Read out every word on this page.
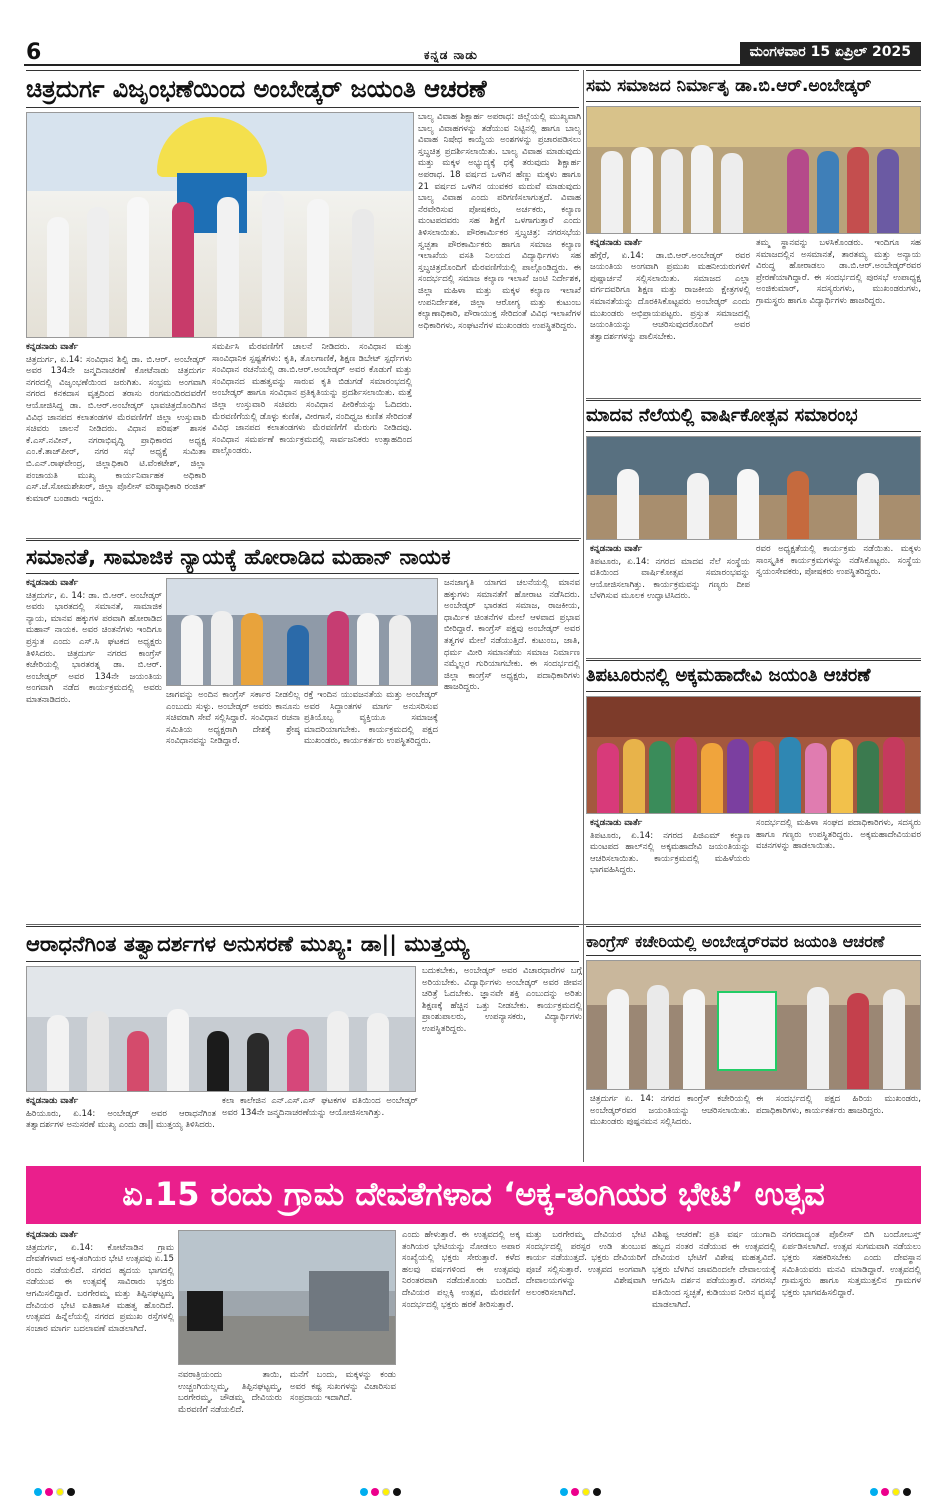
6	ಕನ್ನಡ ನಾಡು	ಮಂಗಳವಾರ 15 ಏಪ್ರಿಲ್ 2025
ಚಿತ್ರದುರ್ಗ ವಿಜೃಂಭಣೆಯಿಂದ ಅಂಬೇಡ್ಕರ್ ಜಯಂತಿ ಆಚರಣೆ	ಸಮ ಸಮಾಜದ ನಿರ್ಮಾತೃ ಡಾ.ಬಿ.ಆರ್.ಅಂಬೇಡ್ಕರ್
ಮಾದವ ನೆಲೆಯಲ್ಲಿ ವಾರ್ಷಿಕೋತ್ಸವ ಸಮಾರಂಭ
ಸಮಾನತೆ, ಸಾಮಾಜಿಕ ನ್ಯಾಯಕ್ಕೆ ಹೋರಾಡಿದ ಮಹಾನ್ ನಾಯಕ
ತಿಪಟೂರುನಲ್ಲಿ ಅಕ್ಕಮಹಾದೇವಿ ಜಯಂತಿ ಆಚರಣೆ
ಆರಾಧನೆಗಿಂತ ತತ್ವಾದರ್ಶಗಳ ಅನುಸರಣೆ ಮುಖ್ಯ: ಡಾ|| ಮುತ್ತಯ್ಯ	ಕಾಂಗ್ರೆಸ್ ಕಚೇರಿಯಲ್ಲಿ ಅಂಬೇಡ್ಕರ್‌ರವರ ಜಯಂತಿ ಆಚರಣೆ
ಏ.15 ರಂದು ಗ್ರಾಮ ದೇವತೆಗಳಾದ ‘ಅಕ್ಕ-ತಂಗಿಯರ ಭೇಟಿ’ ಉತ್ಸವ
ಕನ್ನಡನಾಡು ವಾರ್ತೆ

ಚಿತ್ರದುರ್ಗ, ಏ.14: ಸಂವಿಧಾನ ಶಿಲ್ಪಿ ಡಾ. ಬಿ.ಆರ್. ಅಂಬೇಡ್ಕರ್ ಅವರ 134ನೇ ಜನ್ಮದಿನಾಚರಣೆ ಕೋಟೆನಾಡು ಚಿತ್ರದುರ್ಗ ನಗರದಲ್ಲಿ ವಿಜೃಂಭಣೆಯಿಂದ ಜರುಗಿತು. ಸಂಭ್ರಮ ಅಂಗವಾಗಿ ನಗರದ ಕನಕದಾಸ ವೃತ್ತದಿಂದ ತರಾಸು ರಂಗಮಂದಿರದವರೆಗೆ ಆಯೋಜಿಸಿದ್ದ ಡಾ. ಬಿ.ಆರ್.ಅಂಬೇಡ್ಕರ್ ಭಾವಚಿತ್ರದೊಂದಿಗಿನ ವಿವಿಧ ಜಾನಪದ ಕಲಾತಂಡಗಳ ಮೆರವಣಿಗೆಗೆ ಜಿಲ್ಲಾ ಉಸ್ತುವಾರಿ ಸಚಿವರು ಚಾಲನೆ ನೀಡಿದರು. ವಿಧಾನ ಪರಿಷತ್ ಶಾಸಕ ಕೆ.ಎಸ್.ನವೀನ್, ನಗರಾಭಿವೃದ್ಧಿ ಪ್ರಾಧಿಕಾರದ ಅಧ್ಯಕ್ಷ ಎಂ.ಕೆ.ತಾಜ್‌ಪೀರ್, ನಗರ ಸಭೆ ಅಧ್ಯಕ್ಷೆ ಸುಮಿತಾ ಬಿ.ಎನ್.ರಾಘವೇಂದ್ರ, ಜಿಲ್ಲಾಧಿಕಾರಿ ಟಿ.ವೆಂಕಟೇಶ್, ಜಿಲ್ಲಾ ಪಂಚಾಯತಿ ಮುಖ್ಯ ಕಾರ್ಯನಿರ್ವಾಹಕ ಅಧಿಕಾರಿ ಎಸ್.ಜೆ.ಸೋಮಶೇಖರ್, ಜಿಲ್ಲಾ ಪೊಲೀಸ್ ವರಿಷ್ಠಾಧಿಕಾರಿ ರಂಜಿತ್ ಕುಮಾರ್ ಬಂಡಾರು ಇದ್ದರು.

ಸಮರ್ಪಿಸಿ ಮೆರವಣಿಗೆಗೆ ಚಾಲನೆ ನೀಡಿದರು. ಸಂವಿಧಾನ ಮತ್ತು ಸಾಂವಿಧಾನಿಕ ಸ್ಪಷ್ಟತೆಗಳು: ಕೃತಿ, ತೊಲಗಾಣಿಕೆ, ಶಿಕ್ಷಣ ಡಿಬೇಟ್ ಸ್ಪರ್ಧೆಗಳು ಸಂವಿಧಾನ ರಚನೆಯಲ್ಲಿ ಡಾ.ಬಿ.ಆರ್.ಅಂಬೇಡ್ಕರ್ ಅವರ ಕೊಡುಗೆ ಮತ್ತು ಸಂವಿಧಾನದ ಮಹತ್ವವನ್ನು ಸಾರುವ ಕೃತಿ ಬಿಡುಗಡೆ ಸಮಾರಂಭದಲ್ಲಿ ಅಂಬೇಡ್ಕರ್ ಹಾಗೂ ಸಂವಿಧಾನ ಪ್ರತಿಕೃತಿಯನ್ನು ಪ್ರದರ್ಶಿಸಲಾಯಿತು. ಮತ್ತೆ ಜಿಲ್ಲಾ ಉಸ್ತುವಾರಿ ಸಚಿವರು ಸಂವಿಧಾನ ಪೀಠಿಕೆಯನ್ನು ಓದಿದರು. ಮೆರವಣಿಗೆಯಲ್ಲಿ ಡೊಳ್ಳು ಕುಣಿತ, ವೀರಗಾಸೆ, ನಂದಿಧ್ವಜ ಕುಣಿತ ಸೇರಿದಂತೆ ವಿವಿಧ ಜಾನಪದ ಕಲಾತಂಡಗಳು ಮೆರವಣಿಗೆಗೆ ಮೆರುಗು ನೀಡಿದವು. ಸಂವಿಧಾನ ಸಮರ್ಪಣೆ ಕಾರ್ಯಕ್ರಮದಲ್ಲಿ ಸಾರ್ವಜನಿಕರು ಉತ್ಸಾಹದಿಂದ ಪಾಲ್ಗೊಂಡರು.

ಬಾಲ್ಯ ವಿವಾಹ ಶಿಕ್ಷಾರ್ಹ ಅಪರಾಧ: ಜಿಲ್ಲೆಯಲ್ಲಿ ಮುಖ್ಯವಾಗಿ ಬಾಲ್ಯ ವಿವಾಹಗಳನ್ನು ತಡೆಯುವ ನಿಟ್ಟಿನಲ್ಲಿ ಹಾಗೂ ಬಾಲ್ಯ ವಿವಾಹ ನಿಷೇಧ ಕಾಯ್ದೆಯ ಅಂಶಗಳನ್ನು ಪ್ರಚಾರಪಡಿಸಲು ಸ್ತಬ್ಧಚಿತ್ರ ಪ್ರದರ್ಶಿಸಲಾಯಿತು. ಬಾಲ್ಯ ವಿವಾಹ ಮಾಡುವುದು ಮತ್ತು ಮಕ್ಕಳ ಅಭ್ಯುದ್ಯಕ್ಕೆ ಧಕ್ಕೆ ತರುವುದು ಶಿಕ್ಷಾರ್ಹ ಅಪರಾಧ. 18 ವರ್ಷದ ಒಳಗಿನ ಹೆಣ್ಣು ಮಕ್ಕಳು ಹಾಗೂ 21 ವರ್ಷದ ಒಳಗಿನ ಯುವಕರ ಮದುವೆ ಮಾಡುವುದು ಬಾಲ್ಯ ವಿವಾಹ ಎಂದು ಪರಿಗಣಿಸಲಾಗುತ್ತದೆ. ವಿವಾಹ ನೆರವೇರಿಸುವ ಪೋಷಕರು, ಅರ್ಚಕರು, ಕಲ್ಯಾಣ ಮಂಟಪದವರು ಸಹ ಶಿಕ್ಷೆಗೆ ಒಳಗಾಗುತ್ತಾರೆ ಎಂದು ತಿಳಿಸಲಾಯಿತು. ಪೌರಕಾರ್ಮಿಕರ ಸ್ತಬ್ಧಚಿತ್ರ: ನಗರಸಭೆಯ ಸ್ವಚ್ಛತಾ ಪೌರಕಾರ್ಮಿಕರು ಹಾಗೂ ಸಮಾಜ ಕಲ್ಯಾಣ ಇಲಾಖೆಯ ವಸತಿ ನಿಲಯದ ವಿದ್ಯಾರ್ಥಿಗಳು ಸಹ ಸ್ತಬ್ಧಚಿತ್ರದೊಂದಿಗೆ ಮೆರವಣಿಗೆಯಲ್ಲಿ ಪಾಲ್ಗೊಂಡಿದ್ದರು. ಈ ಸಂದರ್ಭದಲ್ಲಿ ಸಮಾಜ ಕಲ್ಯಾಣ ಇಲಾಖೆ ಜಂಟಿ ನಿರ್ದೇಶಕ, ಜಿಲ್ಲಾ ಮಹಿಳಾ ಮತ್ತು ಮಕ್ಕಳ ಕಲ್ಯಾಣ ಇಲಾಖೆ ಉಪನಿರ್ದೇಶಕ, ಜಿಲ್ಲಾ ಆರೋಗ್ಯ ಮತ್ತು ಕುಟುಂಬ ಕಲ್ಯಾಣಾಧಿಕಾರಿ, ಪೌರಾಯುಕ್ತ ಸೇರಿದಂತೆ ವಿವಿಧ ಇಲಾಖೆಗಳ ಅಧಿಕಾರಿಗಳು, ಸಂಘಟನೆಗಳ ಮುಖಂಡರು ಉಪಸ್ಥಿತರಿದ್ದರು.

ಕನ್ನಡನಾಡು ವಾರ್ತೆ

ಹೆಗ್ಗೆರೆ, ಏ.14: ಡಾ.ಬಿ.ಆರ್.ಅಂಬೇಡ್ಕರ್ ರವರ ಜಯಂತಿಯ ಅಂಗವಾಗಿ ಪ್ರಮುಖ ಮಹನೀಯರುಗಳಿಗೆ ಪುಷ್ಪಾರ್ಚನೆ ಸಲ್ಲಿಸಲಾಯಿತು. ಸಮಾಜದ ಎಲ್ಲಾ ವರ್ಗದವರಿಗೂ ಶಿಕ್ಷಣ ಮತ್ತು ರಾಜಕೀಯ ಕ್ಷೇತ್ರಗಳಲ್ಲಿ ಸಮಾನತೆಯನ್ನು ದೊರಕಿಸಿಕೊಟ್ಟವರು ಅಂಬೇಡ್ಕರ್ ಎಂದು ಮುಖಂಡರು ಅಭಿಪ್ರಾಯಪಟ್ಟರು. ಪ್ರಸ್ತುತ ಸಮಾಜದಲ್ಲಿ ಜಯಂತಿಯನ್ನು ಆಚರಿಸುವುದರೊಂದಿಗೆ ಅವರ ತತ್ವಾದರ್ಶಗಳನ್ನು ಪಾಲಿಸಬೇಕು.

ತಮ್ಮ ಸ್ಥಾನವನ್ನು ಬಳಸಿಕೊಂಡರು. ಇಂದಿಗೂ ಸಹ ಸಮಾಜದಲ್ಲಿನ ಅಸಮಾನತೆ, ತಾರತಮ್ಯ ಮತ್ತು ಅನ್ಯಾಯ ವಿರುದ್ಧ ಹೋರಾಡಲು ಡಾ.ಬಿ.ಆರ್.ಅಂಬೇಡ್ಕರ್‌ರವರ ಪ್ರೇರಣೆಯಾಗಿದ್ದಾರೆ. ಈ ಸಂದರ್ಭದಲ್ಲಿ ಪುರಸಭೆ ಉಪಾಧ್ಯಕ್ಷ ಅಂಜಿಕುಮಾರ್, ಸದಸ್ಯರುಗಳು, ಮುಖಂಡರುಗಳು, ಗ್ರಾಮಸ್ಥರು ಹಾಗೂ ವಿದ್ಯಾರ್ಥಿಗಳು ಹಾಜರಿದ್ದರು.

ಕನ್ನಡನಾಡು ವಾರ್ತೆ

ತಿಪಟೂರು, ಏ.14: ನಗರದ ಮಾದವ ನೆಲೆ ಸಂಸ್ಥೆಯ ವತಿಯಿಂದ ವಾರ್ಷಿಕೋತ್ಸವ ಸಮಾರಂಭವನ್ನು ಆಯೋಜಿಸಲಾಗಿತ್ತು. ಕಾರ್ಯಕ್ರಮವನ್ನು ಗಣ್ಯರು ದೀಪ ಬೆಳಗಿಸುವ ಮೂಲಕ ಉದ್ಘಾಟಿಸಿದರು.

ರವರ ಅಧ್ಯಕ್ಷತೆಯಲ್ಲಿ ಕಾರ್ಯಕ್ರಮ ನಡೆಯಿತು. ಮಕ್ಕಳು ಸಾಂಸ್ಕೃತಿಕ ಕಾರ್ಯಕ್ರಮಗಳನ್ನು ನಡೆಸಿಕೊಟ್ಟರು. ಸಂಸ್ಥೆಯ ಸ್ವಯಂಸೇವಕರು, ಪೋಷಕರು ಉಪಸ್ಥಿತರಿದ್ದರು.

ಕನ್ನಡನಾಡು ವಾರ್ತೆ

ಚಿತ್ರದುರ್ಗ, ಏ. 14: ಡಾ. ಬಿ.ಆರ್. ಅಂಬೇಡ್ಕರ್ ಅವರು ಭಾರತದಲ್ಲಿ ಸಮಾನತೆ, ಸಾಮಾಜಿಕ ನ್ಯಾಯ, ಮಾನವ ಹಕ್ಕುಗಳ ಪರವಾಗಿ ಹೋರಾಡಿದ ಮಹಾನ್ ನಾಯಕ. ಅವರ ಚಿಂತನೆಗಳು ಇಂದಿಗೂ ಪ್ರಸ್ತುತ ಎಂದು ಎಸ್.ಸಿ ಘಟಕದ ಅಧ್ಯಕ್ಷರು ತಿಳಿಸಿದರು. ಚಿತ್ರದುರ್ಗ ನಗರದ ಕಾಂಗ್ರೆಸ್ ಕಚೇರಿಯಲ್ಲಿ ಭಾರತರತ್ನ ಡಾ. ಬಿ.ಆರ್. ಅಂಬೇಡ್ಕರ್ ಅವರ 134ನೇ ಜಯಂತಿಯ ಅಂಗವಾಗಿ ನಡೆದ ಕಾರ್ಯಕ್ರಮದಲ್ಲಿ ಅವರು ಮಾತನಾಡಿದರು.	ಜಾಗವನ್ನು ಅಂದಿನ ಕಾಂಗ್ರೆಸ್ ಸರ್ಕಾರ ನೀಡಲಿಲ್ಲ ಎಂಬುದು ಸುಳ್ಳು. ಅಂಬೇಡ್ಕರ್ ಅವರು ಕಾನೂನು ಸಚಿವರಾಗಿ ಸೇವೆ ಸಲ್ಲಿಸಿದ್ದಾರೆ. ಸಂವಿಧಾನ ರಚನಾ ಸಮಿತಿಯ ಅಧ್ಯಕ್ಷರಾಗಿ ದೇಶಕ್ಕೆ ಶ್ರೇಷ್ಠ ಸಂವಿಧಾನವನ್ನು ನೀಡಿದ್ದಾರೆ.

ರಕ್ತೆ ಇಂದಿನ ಯುವಜನತೆಯ ಮತ್ತು ಅಂಬೇಡ್ಕರ್ ಅವರ ಸಿದ್ಧಾಂತಗಳ ಮಾರ್ಗ ಅನುಸರಿಸುವ ಪ್ರತಿಯೊಬ್ಬ ವ್ಯಕ್ತಿಯೂ ಸಮಾಜಕ್ಕೆ ಮಾದರಿಯಾಗಬೇಕು. ಕಾರ್ಯಕ್ರಮದಲ್ಲಿ ಪಕ್ಷದ ಮುಖಂಡರು, ಕಾರ್ಯಕರ್ತರು ಉಪಸ್ಥಿತರಿದ್ದರು.

ಜನಜಾಗೃತಿ ಯಾಗದ ಚಲನೆಯಲ್ಲಿ ಮಾನವ ಹಕ್ಕುಗಳು ಸಮಾನತೆಗೆ ಹೋರಾಟ ನಡೆಸಿದರು. ಅಂಬೇಡ್ಕರ್ ಭಾರತದ ಸಮಾಜ, ರಾಜಕೀಯ, ಧಾರ್ಮಿಕ ಚಿಂತನೆಗಳ ಮೇಲೆ ಆಳವಾದ ಪ್ರಭಾವ ಬೀರಿದ್ದಾರೆ. ಕಾಂಗ್ರೆಸ್ ಪಕ್ಷವು ಅಂಬೇಡ್ಕರ್ ಅವರ ತತ್ವಗಳ ಮೇಲೆ ನಡೆಯುತ್ತಿದೆ. ಕುಟುಂಬ, ಜಾತಿ, ಧರ್ಮ ಮೀರಿ ಸಮಾನತೆಯ ಸಮಾಜ ನಿರ್ಮಾಣ ನಮ್ಮೆಲ್ಲರ ಗುರಿಯಾಗಬೇಕು. ಈ ಸಂದರ್ಭದಲ್ಲಿ ಜಿಲ್ಲಾ ಕಾಂಗ್ರೆಸ್ ಅಧ್ಯಕ್ಷರು, ಪದಾಧಿಕಾರಿಗಳು ಹಾಜರಿದ್ದರು.

ಕನ್ನಡನಾಡು ವಾರ್ತೆ

ತಿಪಟೂರು, ಏ.14: ನಗರದ ಪಿಜಿಎಮ್ ಕಲ್ಯಾಣ ಮಂಟಪದ ಹಾಲ್‌ನಲ್ಲಿ ಅಕ್ಕಮಹಾದೇವಿ ಜಯಂತಿಯನ್ನು ಆಚರಿಸಲಾಯಿತು. ಕಾರ್ಯಕ್ರಮದಲ್ಲಿ ಮಹಿಳೆಯರು ಭಾಗವಹಿಸಿದ್ದರು.

ಸಂದರ್ಭದಲ್ಲಿ ಮಹಿಳಾ ಸಂಘದ ಪದಾಧಿಕಾರಿಗಳು, ಸದಸ್ಯರು ಹಾಗೂ ಗಣ್ಯರು ಉಪಸ್ಥಿತರಿದ್ದರು. ಅಕ್ಕಮಹಾದೇವಿಯವರ ವಚನಗಳನ್ನು ಹಾಡಲಾಯಿತು.

ಕನ್ನಡನಾಡು ವಾರ್ತೆ

ಹಿರಿಯೂರು, ಏ.14: ಅಂಬೇಡ್ಕರ್ ಅವರ ಆರಾಧನೆಗಿಂತ ತತ್ವಾದರ್ಶಗಳ ಅನುಸರಣೆ ಮುಖ್ಯ ಎಂದು ಡಾ|| ಮುತ್ತಯ್ಯ ತಿಳಿಸಿದರು.

ಕಲಾ ಕಾಲೇಜಿನ ಎನ್.ಎಸ್.ಎಸ್ ಘಟಕಗಳ ವತಿಯಿಂದ ಅಂಬೇಡ್ಕರ್ ಅವರ 134ನೇ ಜನ್ಮದಿನಾಚರಣೆಯನ್ನು ಆಯೋಜಿಸಲಾಗಿತ್ತು.

ಬದುಕಬೇಕು, ಅಂಬೇಡ್ಕರ್ ಅವರ ವಿಚಾರಧಾರೆಗಳ ಬಗ್ಗೆ ಅರಿಯಬೇಕು. ವಿದ್ಯಾರ್ಥಿಗಳು ಅಂಬೇಡ್ಕರ್ ಅವರ ಜೀವನ ಚರಿತ್ರೆ ಓದಬೇಕು. ಜ್ಞಾನವೇ ಶಕ್ತಿ ಎಂಬುದನ್ನು ಅರಿತು ಶಿಕ್ಷಣಕ್ಕೆ ಹೆಚ್ಚಿನ ಒತ್ತು ನೀಡಬೇಕು. ಕಾರ್ಯಕ್ರಮದಲ್ಲಿ ಪ್ರಾಂಶುಪಾಲರು, ಉಪನ್ಯಾಸಕರು, ವಿದ್ಯಾರ್ಥಿಗಳು ಉಪಸ್ಥಿತರಿದ್ದರು.

ಚಿತ್ರದುರ್ಗ ಏ. 14: ನಗರದ ಕಾಂಗ್ರೆಸ್ ಕಚೇರಿಯಲ್ಲಿ ಅಂಬೇಡ್ಕರ್‌ರವರ ಜಯಂತಿಯನ್ನು ಆಚರಿಸಲಾಯಿತು. ಮುಖಂಡರು ಪುಷ್ಪನಮನ ಸಲ್ಲಿಸಿದರು.

ಈ ಸಂದರ್ಭದಲ್ಲಿ ಪಕ್ಷದ ಹಿರಿಯ ಮುಖಂಡರು, ಪದಾಧಿಕಾರಿಗಳು, ಕಾರ್ಯಕರ್ತರು ಹಾಜರಿದ್ದರು.

ಕನ್ನಡನಾಡು ವಾರ್ತೆ

ಚಿತ್ರದುರ್ಗ, ಏ.14: ಕೋಟೆನಾಡಿನ ಗ್ರಾಮ ದೇವತೆಗಳಾದ ಅಕ್ಕ-ತಂಗಿಯರ ಭೇಟಿ ಉತ್ಸವವು ಏ.15 ರಂದು ನಡೆಯಲಿದೆ. ನಗರದ ಹೃದಯ ಭಾಗದಲ್ಲಿ ನಡೆಯುವ ಈ ಉತ್ಸವಕ್ಕೆ ಸಾವಿರಾರು ಭಕ್ತರು ಆಗಮಿಸಲಿದ್ದಾರೆ. ಬರಗೇರಮ್ಮ ಮತ್ತು ತಿಪ್ಪಿನಘಟ್ಟಮ್ಮ ದೇವಿಯರ ಭೇಟಿ ಐತಿಹಾಸಿಕ ಮಹತ್ವ ಹೊಂದಿದೆ. ಉತ್ಸವದ ಹಿನ್ನೆಲೆಯಲ್ಲಿ ನಗರದ ಪ್ರಮುಖ ರಸ್ತೆಗಳಲ್ಲಿ ಸಂಚಾರ ಮಾರ್ಗ ಬದಲಾವಣೆ ಮಾಡಲಾಗಿದೆ.

ನವರಾತ್ರಿಯಂದು ತಾಯಿ, ಉಚ್ಚಂಗಿಯಲ್ಲಮ್ಮ, ತಿಪ್ಪಿನಘಟ್ಟಮ್ಮ, ಬರಗೇರಮ್ಮ, ಚೌಡಮ್ಮ ದೇವಿಯರು ಮೆರವಣಿಗೆ ನಡೆಯಲಿದೆ.

ಮನೆಗೆ ಬಂದು, ಮಕ್ಕಳನ್ನು ಕಂಡು ಅವರ ಕಷ್ಟ ಸುಖಗಳನ್ನು ವಿಚಾರಿಸುವ ಸಂಪ್ರದಾಯ ಇದಾಗಿದೆ.

ಎಂದು ಹೇಳುತ್ತಾರೆ. ಈ ಉತ್ಸವದಲ್ಲಿ ಅಕ್ಕ ತಂಗಿಯರ ಭೇಟಿಯನ್ನು ನೋಡಲು ಅಪಾರ ಸಂಖ್ಯೆಯಲ್ಲಿ ಭಕ್ತರು ಸೇರುತ್ತಾರೆ. ಕಳೆದ ಹಲವು ವರ್ಷಗಳಿಂದ ಈ ಉತ್ಸವವು ನಿರಂತರವಾಗಿ ನಡೆದುಕೊಂಡು ಬಂದಿದೆ. ದೇವಿಯರ ಪಲ್ಲಕ್ಕಿ ಉತ್ಸವ, ಮೆರವಣಿಗೆ ಸಂದರ್ಭದಲ್ಲಿ ಭಕ್ತರು ಹರಕೆ ತೀರಿಸುತ್ತಾರೆ.

ಮತ್ತು ಬರಗೇರಮ್ಮ ದೇವಿಯರ ಭೇಟಿ ಸಂದರ್ಭದಲ್ಲಿ ಪರಸ್ಪರ ಉಡಿ ತುಂಬುವ ಕಾರ್ಯ ನಡೆಯುತ್ತದೆ. ಭಕ್ತರು ದೇವಿಯರಿಗೆ ಪೂಜೆ ಸಲ್ಲಿಸುತ್ತಾರೆ. ಉತ್ಸವದ ಅಂಗವಾಗಿ ದೇವಾಲಯಗಳನ್ನು ವಿಶೇಷವಾಗಿ ಅಲಂಕರಿಸಲಾಗಿದೆ.

ವಿಶಿಷ್ಟ ಆಚರಣೆ: ಪ್ರತಿ ವರ್ಷ ಯುಗಾದಿ ಹಬ್ಬದ ನಂತರ ನಡೆಯುವ ಈ ಉತ್ಸವದಲ್ಲಿ ದೇವಿಯರ ಭೇಟಿಗೆ ವಿಶೇಷ ಮಹತ್ವವಿದೆ. ಭಕ್ತರು ಬೆಳಗಿನ ಜಾವದಿಂದಲೇ ದೇವಾಲಯಕ್ಕೆ ಆಗಮಿಸಿ ದರ್ಶನ ಪಡೆಯುತ್ತಾರೆ. ನಗರಸಭೆ ವತಿಯಿಂದ ಸ್ವಚ್ಛತೆ, ಕುಡಿಯುವ ನೀರಿನ ವ್ಯವಸ್ಥೆ ಮಾಡಲಾಗಿದೆ.

ನಗರದಾದ್ಯಂತ ಪೊಲೀಸ್ ಬಿಗಿ ಬಂದೋಬಸ್ತ್ ಏರ್ಪಡಿಸಲಾಗಿದೆ. ಉತ್ಸವ ಸುಗಮವಾಗಿ ನಡೆಯಲು ಭಕ್ತರು ಸಹಕರಿಸಬೇಕು ಎಂದು ದೇವಸ್ಥಾನ ಸಮಿತಿಯವರು ಮನವಿ ಮಾಡಿದ್ದಾರೆ. ಉತ್ಸವದಲ್ಲಿ ಗ್ರಾಮಸ್ಥರು ಹಾಗೂ ಸುತ್ತಮುತ್ತಲಿನ ಗ್ರಾಮಗಳ ಭಕ್ತರು ಭಾಗವಹಿಸಲಿದ್ದಾರೆ.
